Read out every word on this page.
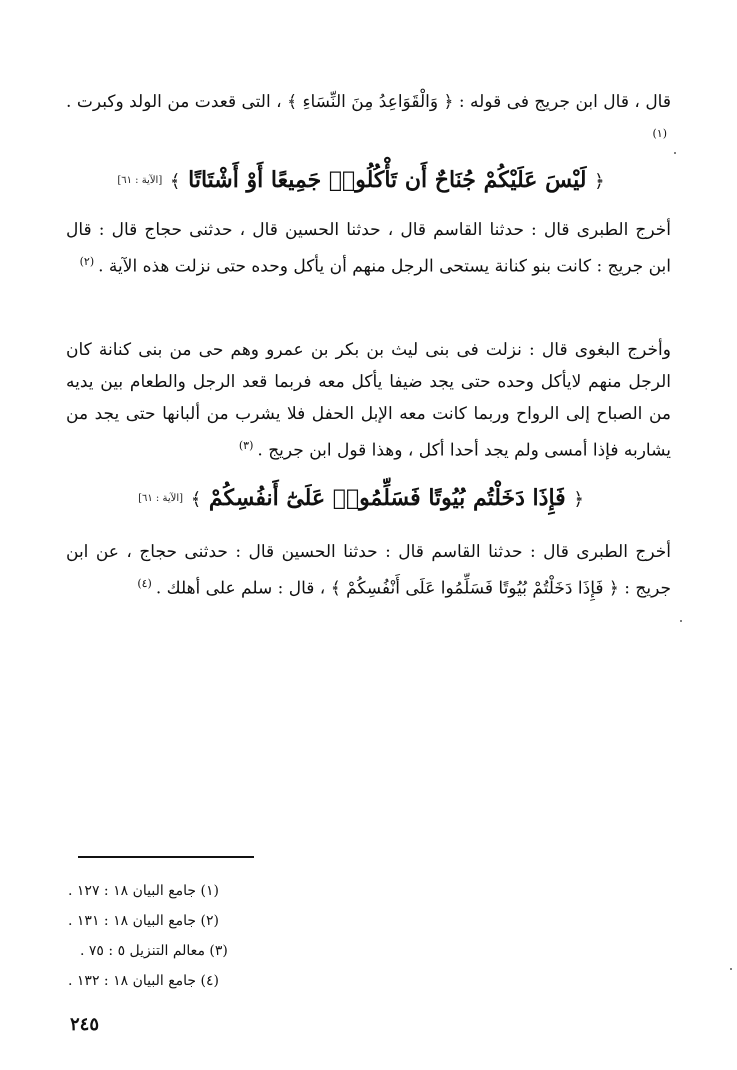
قال ، قال ابن جريج فى قوله : ﴿ وَالْقَوَاعِدُ مِنَ النِّسَاءِ ﴾ ، التى قعدت من الولد وكبرت .$^{(١)}$

﴿ لَيْسَ عَلَيْكُمْ جُنَاحٌ أَن تَأْكُلُوا۟ جَمِيعًا أَوْ أَشْتَاتًا ﴾ [الآية : ٦١]

أخرج الطبرى قال : حدثنا القاسم قال ، حدثنا الحسين قال ، حدثنى حجاج قال : قال ابن جريج : كانت بنو كنانة يستحى الرجل منهم أن يأكل وحده حتى نزلت هذه الآية .$^{(٢)}$

وأخرج البغوى قال : نزلت فى بنى ليث بن بكر بن عمرو وهم حى من بنى كنانة كان الرجل منهم لايأكل وحده حتى يجد ضيفا يأكل معه فربما قعد الرجل والطعام بين يديه من الصباح إلى الرواح وربما كانت معه الإبل الحفل فلا يشرب من ألبانها حتى يجد من يشاربه فإذا أمسى ولم يجد أحدا أكل ، وهذا قول ابن جريج .$^{(٣)}$

﴿ فَإِذَا دَخَلْتُم بُيُوتًا فَسَلِّمُوا۟ عَلَىٰٓ أَنفُسِكُمْ ﴾ [الآية : ٦١]

أخرج الطبرى قال : حدثنا القاسم قال : حدثنا الحسين قال : حدثنى حجاج ، عن ابن جريج : ﴿ فَإِذَا دَخَلْتُمْ بُيُوتًا فَسَلِّمُوا عَلَى أَنْفُسِكُمْ ﴾ ، قال : سلم على أهلك .$^{(٤)}$

(١) جامع البيان ١٨ : ١٢٧ .
(٢) جامع البيان ١٨ : ١٣١ .
(٣) معالم التنزيل ٥ : ٧٥ .
(٤) جامع البيان ١٨ : ١٣٢ .
٢٤٥
